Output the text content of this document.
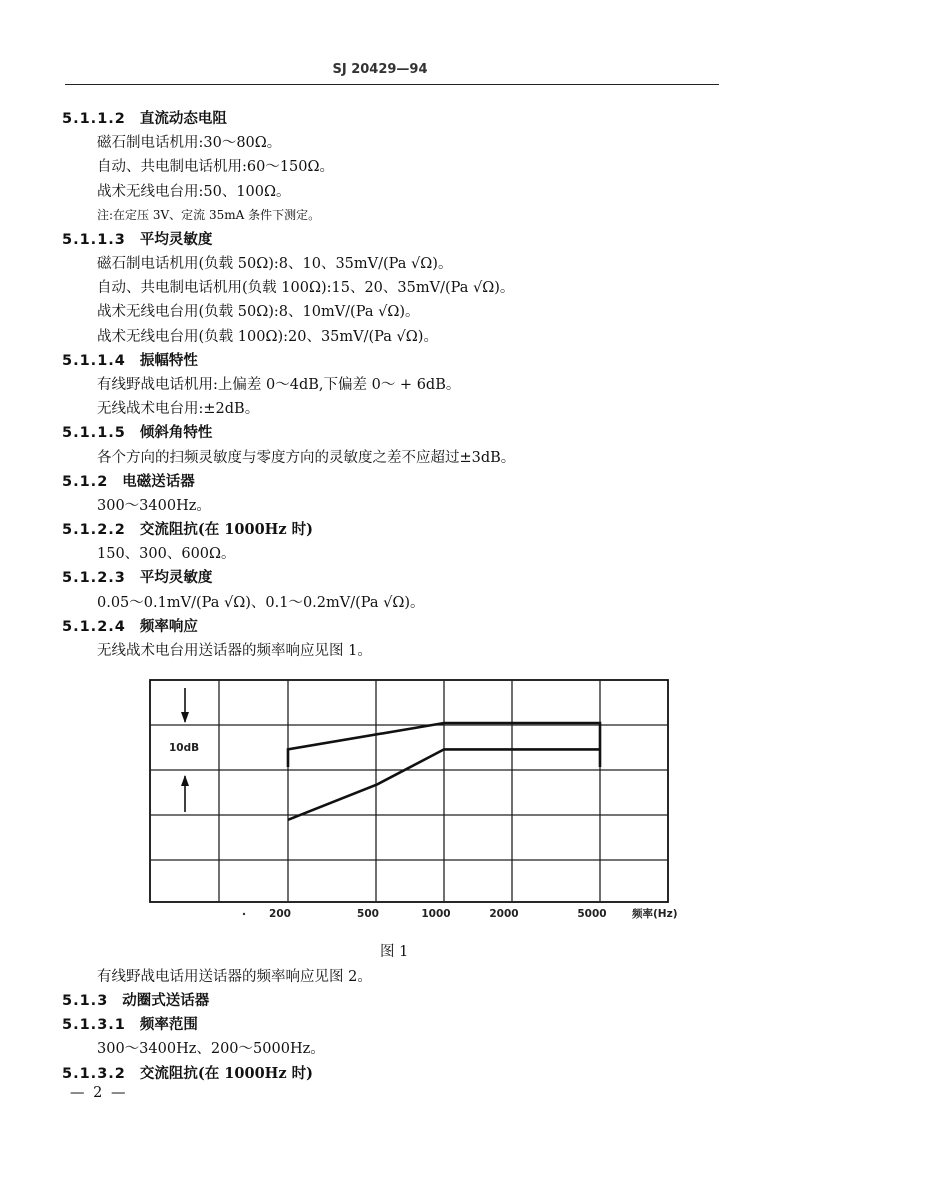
SJ 20429—94
5.1.1.2 直流动态电阻
磁石制电话机用:30～80Ω。
自动、共电制电话机用:60～150Ω。
战术无线电台用:50、100Ω。
注:在定压 3V、定流 35mA 条件下测定。
5.1.1.3 平均灵敏度
磁石制电话机用(负载 50Ω):8、10、35mV/(Pa √Ω)。
自动、共电制电话机用(负载 100Ω):15、20、35mV/(Pa √Ω)。
战术无线电台用(负载 50Ω):8、10mV/(Pa √Ω)。
战术无线电台用(负载 100Ω):20、35mV/(Pa √Ω)。
5.1.1.4 振幅特性
有线野战电话机用:上偏差 0～4dB,下偏差 0～ + 6dB。
无线战术电台用:±2dB。
5.1.1.5 倾斜角特性
各个方向的扫频灵敏度与零度方向的灵敏度之差不应超过±3dB。
5.1.2 电磁送话器
300～3400Hz。
5.1.2.2 交流阻抗(在 1000Hz 时)
150、300、600Ω。
5.1.2.3 平均灵敏度
0.05～0.1mV/(Pa √Ω)、0.1～0.2mV/(Pa √Ω)。
5.1.2.4 频率响应
无线战术电台用送话器的频率响应见图 1。
有线野战电话用送话器的频率响应见图 2。
5.1.3 动圈式送话器
5.1.3.1 频率范围
300～3400Hz、200～5000Hz。
5.1.3.2 交流阻抗(在 1000Hz 时)
200	500	1000	2000	5000 频率(Hz)
10dB
图 1
— 2 —
